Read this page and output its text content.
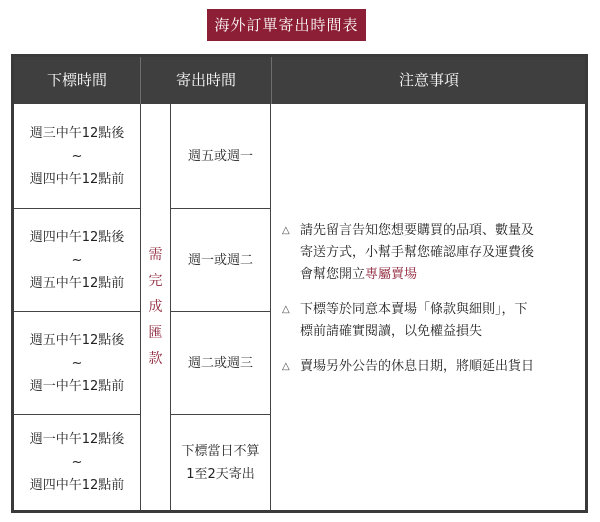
海外訂單寄出時間表
下標時間	寄出時間	注意事項
週三中午12點後
~
週四中午12點前
週四中午12點後
~
週五中午12點前
週五中午12點後
~
週一中午12點前
週一中午12點後
~
週四中午12點前
需
完
成
匯
款
週五或週一
週一或週二
週二或週三
下標當日不算
1至2天寄出
△ 請先留言告知您想要購買的品項、數量及
寄送方式，小幫手幫您確認庫存及運費後
會幫您開立專屬賣場
△ 下標等於同意本賣場「條款與細則」，下
標前請確實閱讀，以免權益損失
△ 賣場另外公告的休息日期，將順延出貨日
